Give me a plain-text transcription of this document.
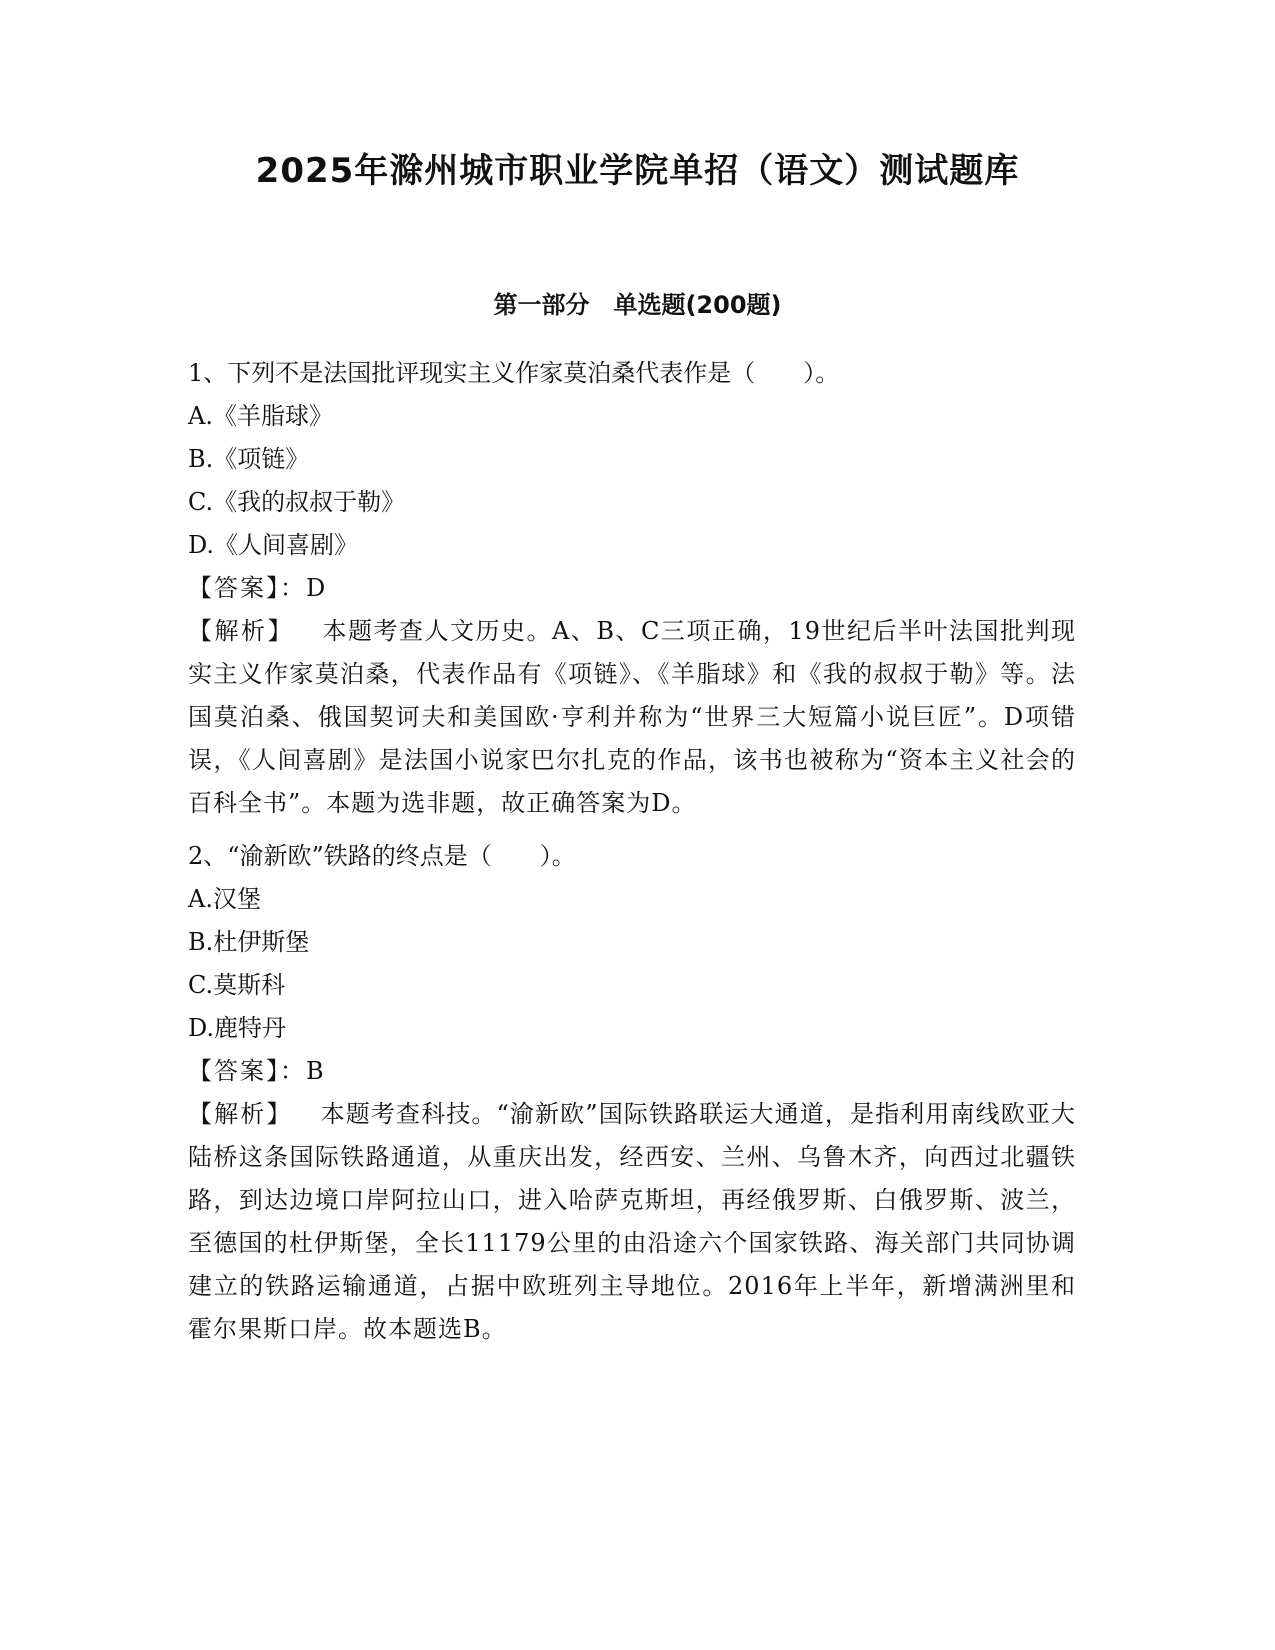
2025年滁州城市职业学院单招（语文）测试题库
第一部分　单选题(200题)
1、下列不是法国批评现实主义作家莫泊桑代表作是（　　）。
A.《羊脂球》
B.《项链》
C.《我的叔叔于勒》
D.《人间喜剧》
【答案】：D
【解析】 本题考查人文历史。A、B、C三项正确，19世纪后半叶法国批判现实主义作家莫泊桑，代表作品有《项链》、《羊脂球》和《我的叔叔于勒》等。法国莫泊桑、俄国契诃夫和美国欧·亨利并称为“世界三大短篇小说巨匠”。D项错误，《人间喜剧》是法国小说家巴尔扎克的作品，该书也被称为“资本主义社会的百科全书”。本题为选非题，故正确答案为D。
2、“渝新欧”铁路的终点是（　　）。
A.汉堡
B.杜伊斯堡
C.莫斯科
D.鹿特丹
【答案】：B
【解析】 本题考查科技。“渝新欧”国际铁路联运大通道，是指利用南线欧亚大陆桥这条国际铁路通道，从重庆出发，经西安、兰州、乌鲁木齐，向西过北疆铁路，到达边境口岸阿拉山口，进入哈萨克斯坦，再经俄罗斯、白俄罗斯、波兰，至德国的杜伊斯堡，全长11179公里的由沿途六个国家铁路、海关部门共同协调建立的铁路运输通道，占据中欧班列主导地位。2016年上半年，新增满洲里和霍尔果斯口岸。故本题选B。
